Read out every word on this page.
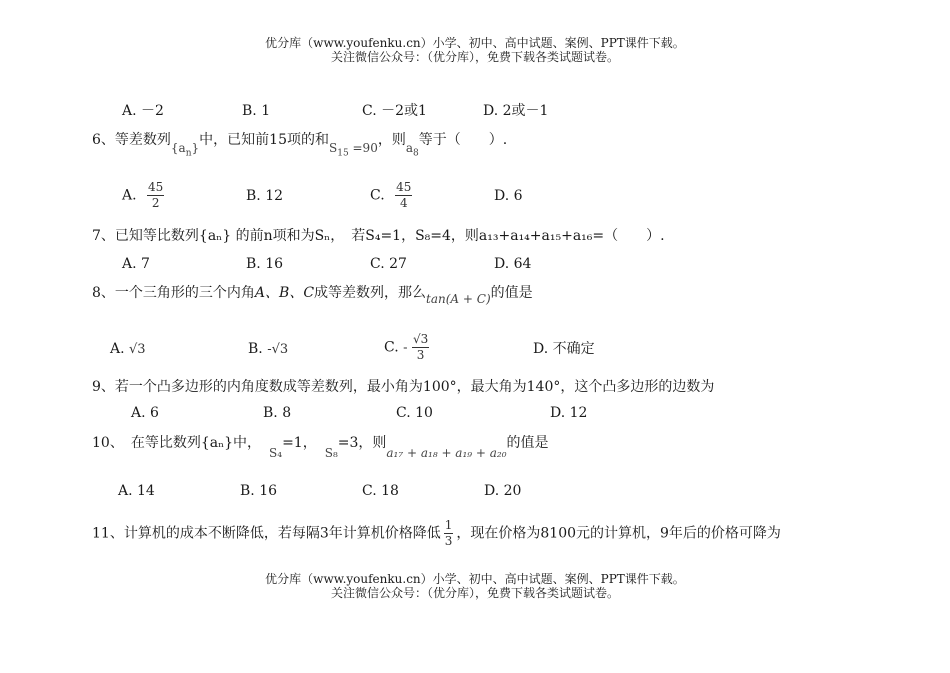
优分库（www.youfenku.cn）小学、初中、高中试题、案例、PPT课件下载。
关注微信公众号：（优分库），免费下载各类试题试卷。
A. －2	B. 1	C. －2或1	D. 2或－1
6、等差数列$\{a_n\}$中，已知前15项的和$S_{15} =90$，则$a_8$等于（　　）.
A. $\frac{45}{2}$	B. 12	C. $\frac{45}{4}$	D. 6
7、已知等比数列{aₙ} 的前n项和为Sₙ，　若S₄=1，S₈=4，则a₁₃+a₁₄+a₁₅+a₁₆=（　　）.
A. 7	B. 16	C. 27	D. 64
8、一个三角形的三个内角A、B、C成等差数列，那么tan(A + C)的值是
A. √3	B. -√3	C. - $\frac{√3}{3}$	D. 不确定
9、若一个凸多边形的内角度数成等差数列，最小角为100°，最大角为140°，这个凸多边形的边数为
A. 6	B. 8	C. 10	D. 12
10、　在等比数列{aₙ}中，S₄=1，S₈=3，则a₁₇ + a₁₈ + a₁₉ + a₂₀的值是
A. 14	B. 16	C. 18	D. 20
11、计算机的成本不断降低，若每隔3年计算机价格降低 $\frac{1}{3}$ ，现在价格为8100元的计算机，9年后的价格可降为
优分库（www.youfenku.cn）小学、初中、高中试题、案例、PPT课件下载。
关注微信公众号：（优分库），免费下载各类试题试卷。
